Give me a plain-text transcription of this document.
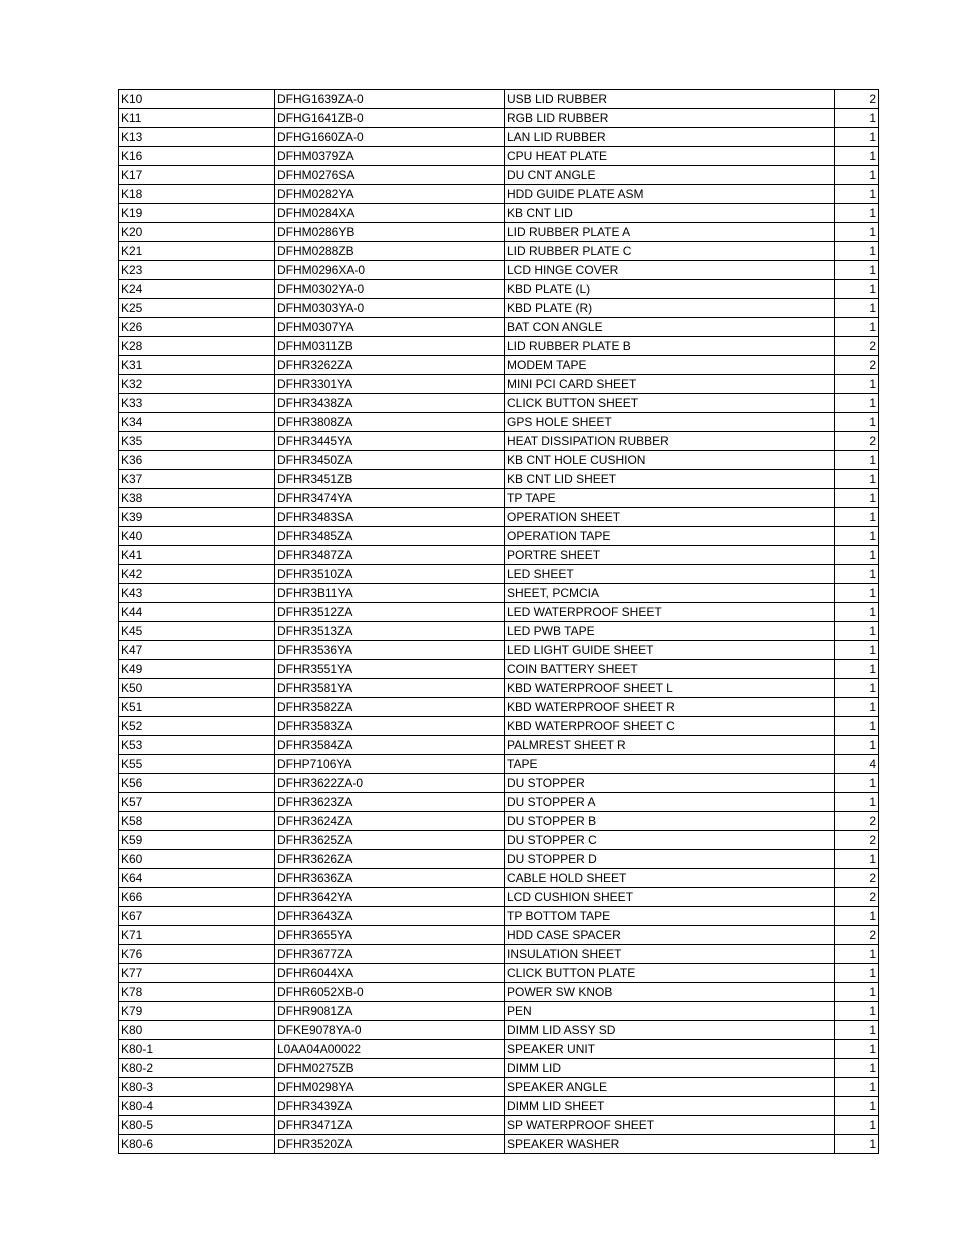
K10	DFHG1639ZA-0	USB LID RUBBER	2
K11	DFHG1641ZB-0	RGB LID RUBBER	1
K13	DFHG1660ZA-0	LAN LID RUBBER	1
K16	DFHM0379ZA	CPU HEAT PLATE	1
K17	DFHM0276SA	DU CNT ANGLE	1
K18	DFHM0282YA	HDD GUIDE PLATE ASM	1
K19	DFHM0284XA	KB CNT LID	1
K20	DFHM0286YB	LID RUBBER PLATE A	1
K21	DFHM0288ZB	LID RUBBER PLATE C	1
K23	DFHM0296XA-0	LCD HINGE COVER	1
K24	DFHM0302YA-0	KBD PLATE (L)	1
K25	DFHM0303YA-0	KBD PLATE (R)	1
K26	DFHM0307YA	BAT CON ANGLE	1
K28	DFHM0311ZB	LID RUBBER PLATE B	2
K31	DFHR3262ZA	MODEM TAPE	2
K32	DFHR3301YA	MINI PCI CARD SHEET	1
K33	DFHR3438ZA	CLICK BUTTON SHEET	1
K34	DFHR3808ZA	GPS HOLE SHEET	1
K35	DFHR3445YA	HEAT DISSIPATION RUBBER	2
K36	DFHR3450ZA	KB CNT HOLE CUSHION	1
K37	DFHR3451ZB	KB CNT LID SHEET	1
K38	DFHR3474YA	TP TAPE	1
K39	DFHR3483SA	OPERATION SHEET	1
K40	DFHR3485ZA	OPERATION TAPE	1
K41	DFHR3487ZA	PORTRE SHEET	1
K42	DFHR3510ZA	LED SHEET	1
K43	DFHR3B11YA	SHEET, PCMCIA	1
K44	DFHR3512ZA	LED WATERPROOF SHEET	1
K45	DFHR3513ZA	LED PWB TAPE	1
K47	DFHR3536YA	LED LIGHT GUIDE SHEET	1
K49	DFHR3551YA	COIN BATTERY SHEET	1
K50	DFHR3581YA	KBD WATERPROOF SHEET L	1
K51	DFHR3582ZA	KBD WATERPROOF SHEET R	1
K52	DFHR3583ZA	KBD WATERPROOF SHEET C	1
K53	DFHR3584ZA	PALMREST SHEET R	1
K55	DFHP7106YA	TAPE	4
K56	DFHR3622ZA-0	DU STOPPER	1
K57	DFHR3623ZA	DU STOPPER A	1
K58	DFHR3624ZA	DU STOPPER B	2
K59	DFHR3625ZA	DU STOPPER C	2
K60	DFHR3626ZA	DU STOPPER D	1
K64	DFHR3636ZA	CABLE HOLD SHEET	2
K66	DFHR3642YA	LCD CUSHION SHEET	2
K67	DFHR3643ZA	TP BOTTOM TAPE	1
K71	DFHR3655YA	HDD CASE SPACER	2
K76	DFHR3677ZA	INSULATION SHEET	1
K77	DFHR6044XA	CLICK BUTTON PLATE	1
K78	DFHR6052XB-0	POWER SW KNOB	1
K79	DFHR9081ZA	PEN	1
K80	DFKE9078YA-0	DIMM LID ASSY SD	1
K80-1	L0AA04A00022	SPEAKER UNIT	1
K80-2	DFHM0275ZB	DIMM LID	1
K80-3	DFHM0298YA	SPEAKER ANGLE	1
K80-4	DFHR3439ZA	DIMM LID SHEET	1
K80-5	DFHR3471ZA	SP WATERPROOF SHEET	1
K80-6	DFHR3520ZA	SPEAKER WASHER	1
